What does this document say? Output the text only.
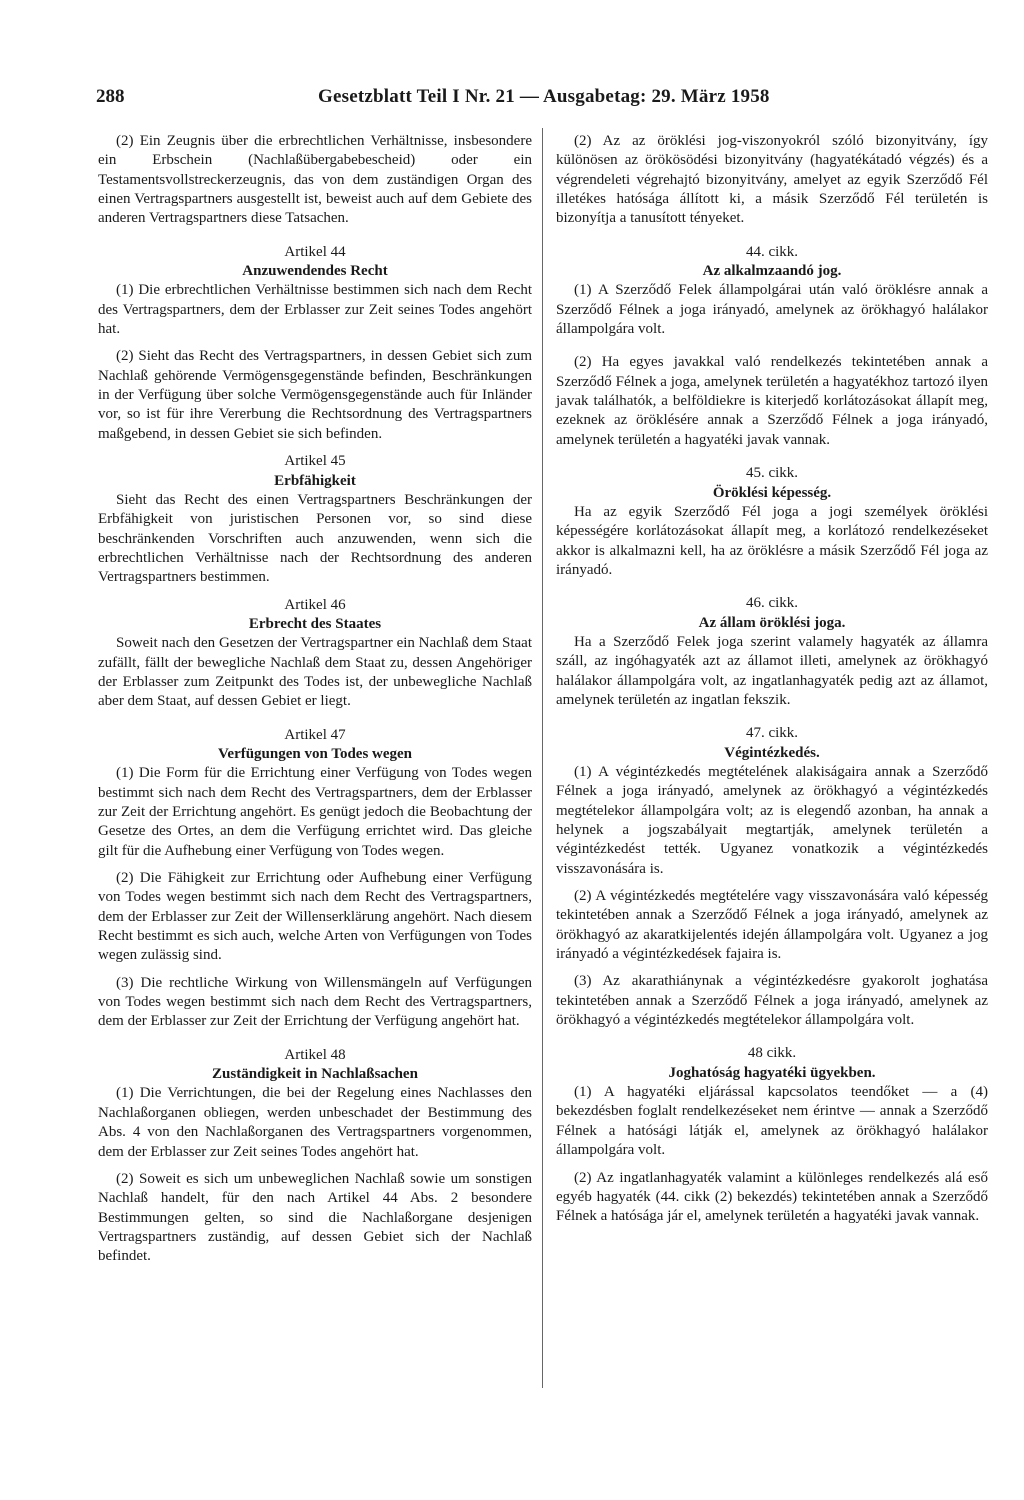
288	Gesetzblatt Teil I Nr. 21 — Ausgabetag: 29. März 1958

(2) Ein Zeugnis über die erbrechtlichen Verhältnisse, insbesondere ein Erbschein (Nachlaßübergabebescheid) oder ein Testamentsvollstreckerzeugnis, das von dem zuständigen Organ des einen Vertragspartners ausgestellt ist, beweist auch auf dem Gebiete des anderen Vertragspartners diese Tatsachen.

Artikel 44

Anzuwendendes Recht

(1) Die erbrechtlichen Verhältnisse bestimmen sich nach dem Recht des Vertragspartners, dem der Erblasser zur Zeit seines Todes angehört hat.

(2) Sieht das Recht des Vertragspartners, in dessen Gebiet sich zum Nachlaß gehörende Vermögensgegenstände befinden, Beschränkungen in der Verfügung über solche Vermögensgegenstände auch für Inländer vor, so ist für ihre Vererbung die Rechtsordnung des Vertragspartners maßgebend, in dessen Gebiet sie sich befinden.

Artikel 45

Erbfähigkeit

Sieht das Recht des einen Vertragspartners Beschränkungen der Erbfähigkeit von juristischen Personen vor, so sind diese beschränkenden Vorschriften auch anzuwenden, wenn sich die erbrechtlichen Verhältnisse nach der Rechtsordnung des anderen Vertragspartners bestimmen.

Artikel 46

Erbrecht des Staates

Soweit nach den Gesetzen der Vertragspartner ein Nachlaß dem Staat zufällt, fällt der bewegliche Nachlaß dem Staat zu, dessen Angehöriger der Erblasser zum Zeitpunkt des Todes ist, der unbewegliche Nachlaß aber dem Staat, auf dessen Gebiet er liegt.

Artikel 47

Verfügungen von Todes wegen

(1) Die Form für die Errichtung einer Verfügung von Todes wegen bestimmt sich nach dem Recht des Vertragspartners, dem der Erblasser zur Zeit der Errichtung angehört. Es genügt jedoch die Beobachtung der Gesetze des Ortes, an dem die Verfügung errichtet wird. Das gleiche gilt für die Aufhebung einer Verfügung von Todes wegen.

(2) Die Fähigkeit zur Errichtung oder Aufhebung einer Verfügung von Todes wegen bestimmt sich nach dem Recht des Vertragspartners, dem der Erblasser zur Zeit der Willenserklärung angehört. Nach diesem Recht bestimmt es sich auch, welche Arten von Verfügungen von Todes wegen zulässig sind.

(3) Die rechtliche Wirkung von Willensmängeln auf Verfügungen von Todes wegen bestimmt sich nach dem Recht des Vertragspartners, dem der Erblasser zur Zeit der Errichtung der Verfügung angehört hat.

Artikel 48

Zuständigkeit in Nachlaßsachen

(1) Die Verrichtungen, die bei der Regelung eines Nachlasses den Nachlaßorganen obliegen, werden unbeschadet der Bestimmung des Abs. 4 von den Nachlaßorganen des Vertragspartners vorgenommen, dem der Erblasser zur Zeit seines Todes angehört hat.

(2) Soweit es sich um unbeweglichen Nachlaß sowie um sonstigen Nachlaß handelt, für den nach Artikel 44 Abs. 2 besondere Bestimmungen gelten, so sind die Nachlaßorgane desjenigen Vertragspartners zuständig, auf dessen Gebiet sich der Nachlaß befindet.

(2) Az az öröklési jog-viszonyokról szóló bizonyitvány, így különösen az örökösödési bizonyitvány (hagyatékátadó végzés) és a végrendeleti végrehajtó bizonyitvány, amelyet az egyik Szerződő Fél illetékes hatósága állított ki, a másik Szerződő Fél területén is bizonyítja a tanusított tényeket.

44. cikk.

Az alkalmzaandó jog.

(1) A Szerződő Felek állampolgárai után való öröklésre annak a Szerződő Félnek a joga irányadó, amelynek az örökhagyó halálakor állampolgára volt.

(2) Ha egyes javakkal való rendelkezés tekintetében annak a Szerződő Félnek a joga, amelynek területén a hagyatékhoz tartozó ilyen javak találhatók, a belföldiekre is kiterjedő korlátozásokat állapít meg, ezeknek az öröklésére annak a Szerződő Félnek a joga irányadó, amelynek területén a hagyatéki javak vannak.

45. cikk.

Öröklési képesség.

Ha az egyik Szerződő Fél joga a jogi személyek öröklési képességére korlátozásokat állapít meg, a korlátozó rendelkezéseket akkor is alkalmazni kell, ha az öröklésre a másik Szerződő Fél joga az irányadó.

46. cikk.

Az állam öröklési joga.

Ha a Szerződő Felek joga szerint valamely hagyaték az államra száll, az ingóhagyaték azt az államot illeti, amelynek az örökhagyó halálakor állampolgára volt, az ingatlanhagyaték pedig azt az államot, amelynek területén az ingatlan fekszik.

47. cikk.

Végintézkedés.

(1) A végintézkedés megtételének alakiságaira annak a Szerződő Félnek a joga irányadó, amelynek az örökhagyó a végintézkedés megtételekor állampolgára volt; az is elegendő azonban, ha annak a helynek a jogszabályait megtartják, amelynek területén a végintézkedést tették. Ugyanez vonatkozik a végintézkedés visszavonására is.

(2) A végintézkedés megtételére vagy visszavonására való képesség tekintetében annak a Szerződő Félnek a joga irányadó, amelynek az örökhagyó az akaratkijelentés idején állampolgára volt. Ugyanez a jog irányadó a végintézkedések fajaira is.

(3) Az akarathiánynak a végintézkedésre gyakorolt joghatása tekintetében annak a Szerződő Félnek a joga irányadó, amelynek az örökhagyó a végintézkedés megtételekor állampolgára volt.

48 cikk.

Joghatóság hagyatéki ügyekben.

(1) A hagyatéki eljárással kapcsolatos teendőket — a (4) bekezdésben foglalt rendelkezéseket nem érintve — annak a Szerződő Félnek a hatósági látják el, amelynek az örökhagyó halálakor állampolgára volt.

(2) Az ingatlanhagyaték valamint a különleges rendelkezés alá eső egyéb hagyaték (44. cikk (2) bekezdés) tekintetében annak a Szerződő Félnek a hatósága jár el, amelynek területén a hagyatéki javak vannak.
